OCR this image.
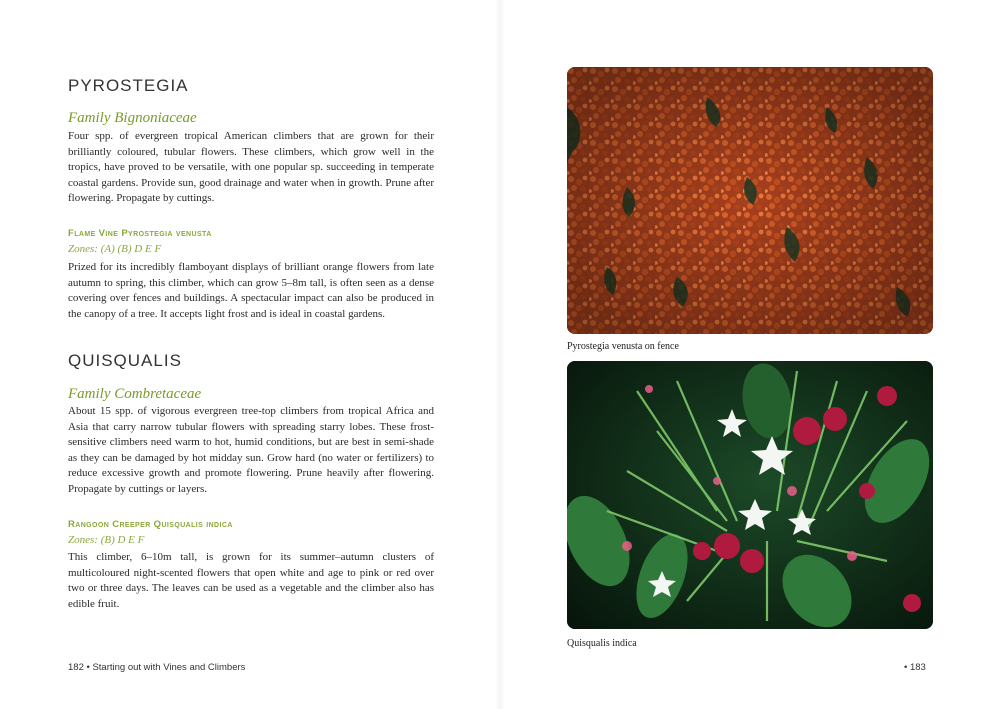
PYROSTEGIA
Family Bignoniaceae

Four spp. of evergreen tropical American climbers that are grown for their brilliantly coloured, tubular flowers. These climbers, which grow well in the tropics, have proved to be versatile, with one popular sp. succeeding in temperate coastal gardens. Provide sun, good drainage and water when in growth. Prune after flowering. Propagate by cuttings.

Flame Vine Pyrostegia venusta
Zones: (A) (B) D E F

Prized for its incredibly flamboyant displays of brilliant orange flowers from late autumn to spring, this climber, which can grow 5–8m tall, is often seen as a dense covering over fences and buildings. A spectacular impact can also be produced in the canopy of a tree. It accepts light frost and is ideal in coastal gardens.

QUISQUALIS
Family Combretaceae

About 15 spp. of vigorous evergreen tree-top climbers from tropical Africa and Asia that carry narrow tubular flowers with spreading starry lobes. These frost-sensitive climbers need warm to hot, humid conditions, but are best in semi-shade as they can be damaged by hot midday sun. Grow hard (no water or fertilizers) to reduce excessive growth and promote flowering. Prune heavily after flowering. Propagate by cuttings or layers.

Rangoon Creeper Quisqualis indica
Zones: (B) D E F

This climber, 6–10m tall, is grown for its summer–autumn clusters of multicoloured night-scented flowers that open white and age to pink or red over two or three days. The leaves can be used as a vegetable and the climber also has edible fruit.

182 • Starting out with Vines and Climbers
Pyrostegia venusta on fence
Quisqualis indica
• 183
